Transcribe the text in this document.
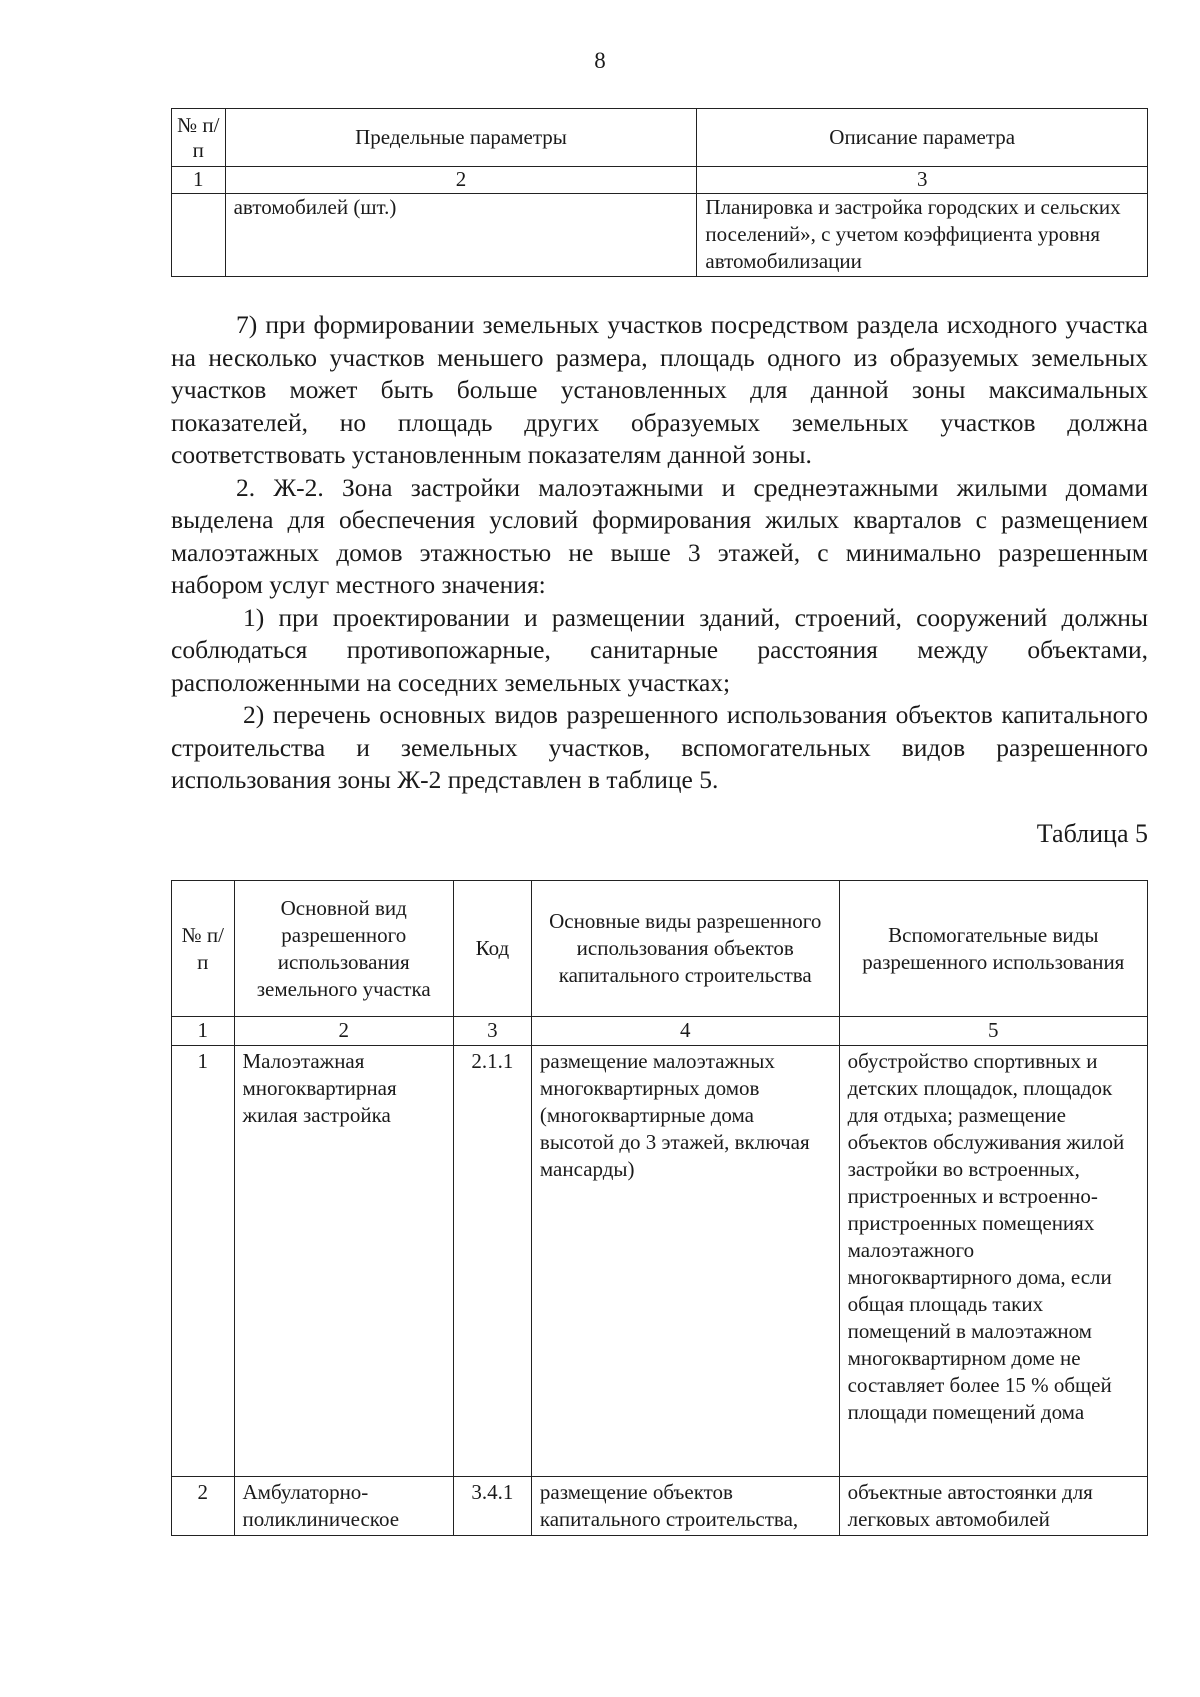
8
№ п/п	Предельные параметры	Описание параметра
1	2	3
	автомобилей (шт.)	Планировка и застройка городских и сельских поселений», с учетом коэффициента уровня автомобилизации

7) при формировании земельных участков посредством раздела исходного участка на несколько участков меньшего размера, площадь одного из образуемых земельных участков может быть больше установленных для данной зоны максимальных показателей, но площадь других образуемых земельных участков должна соответствовать установленным показателям данной зоны.

2. Ж-2. Зона застройки малоэтажными и среднеэтажными жилыми домами выделена для обеспечения условий формирования жилых кварталов с размещением малоэтажных домов этажностью не выше 3 этажей, с минимально разрешенным набором услуг местного значения:

1) при проектировании и размещении зданий, строений, сооружений должны соблюдаться противопожарные, санитарные расстояния между объектами, расположенными на соседних земельных участках;

2) перечень основных видов разрешенного использования объектов капитального строительства и земельных участков, вспомогательных видов разрешенного использования зоны Ж-2 представлен в таблице 5.

Таблица 5
№ п/п	Основной вид разрешенного использования земельного участка	Код	Основные виды разрешенного использования объектов капитального строительства	Вспомогательные виды разрешенного использования
1	2	3	4	5
1	Малоэтажная многоквартирная жилая застройка	2.1.1	размещение малоэтажных многоквартирных домов (многоквартирные дома высотой до 3 этажей, включая мансарды)	обустройство спортивных и детских площадок, площадок для отдыха; размещение объектов обслуживания жилой застройки во встроенных, пристроенных и встроенно-пристроенных помещениях малоэтажного многоквартирного дома, если общая площадь таких помещений в малоэтажном многоквартирном доме не составляет более 15 % общей площади помещений дома
2	Амбулаторно-поликлиническое	3.4.1	размещение объектов капитального строительства,	объектные автостоянки для легковых автомобилей
